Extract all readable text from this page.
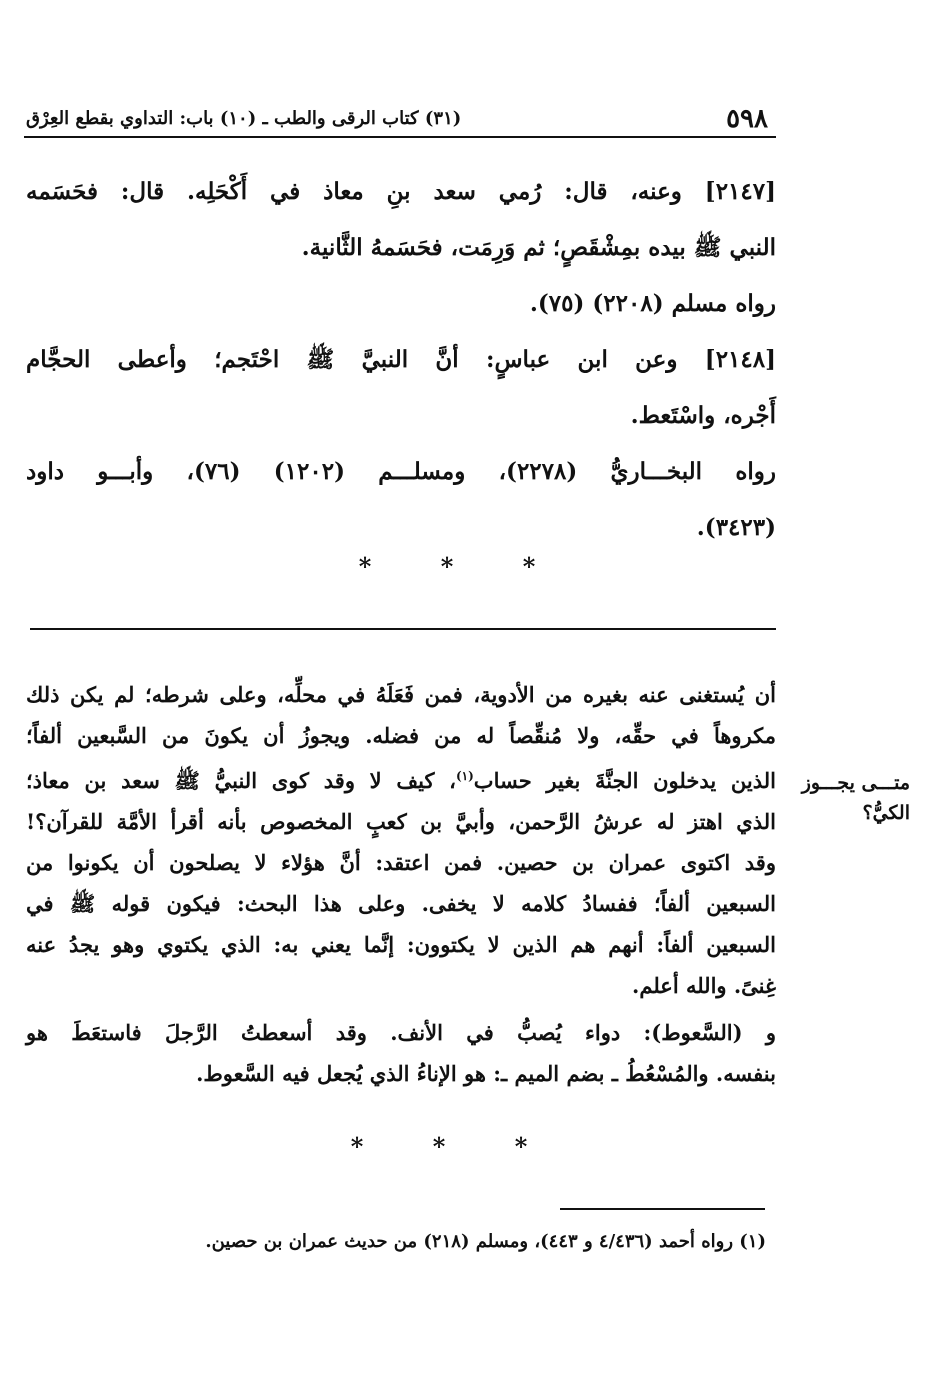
٥٩٨
(٣١) كتاب الرقى والطب ـ (١٠) باب: التداوي بقطع العِرْق

[٢١٤٧] وعنه، قال: رُمي سعد بنِ معاذ في أَكْحَلِه. قال: فحَسَمه
النبي ﷺ بيده بمِشْقَصٍ؛ ثم وَرِمَت، فحَسَمهُ الثَّانية.

رواه مسلم (٢٢٠٨) (٧٥).

[٢١٤٨] وعن ابن عباسٍ: أنَّ النبيَّ ﷺ احْتَجم؛ وأعطى الحجَّام
أَجْره، واسْتَعط.

رواه البخـــاريُّ (٢٢٧٨)، ومسلـــم (١٢٠٢) (٧٦)، وأبـــو داود
(٣٤٢٣).

***

أن يُستغنى عنه بغيره من الأدوية، فمن فَعَلَهُ في محلِّه، وعلى شرطه؛ لم يكن ذلك
مكروهاً في حقِّه، ولا مُنقِّصاً له من فضله. ويجوزُ أن يكونَ من السَّبعين ألفاً؛
الذين يدخلون الجنَّةَ بغير حساب$^{(١)}$، كيف لا وقد كوى النبيُّ ﷺ سعد بن معاذ؛
الذي اهتز له عرشُ الرَّحمن، وأبيَّ بن كعبٍ المخصوص بأنه أقرأ الأمَّة للقرآن؟!
وقد اكتوى عمران بن حصين. فمن اعتقد: أنَّ هؤلاء لا يصلحون أن يكونوا من
السبعين ألفاً؛ ففسادُ كلامه لا يخفى. وعلى هذا البحث: فيكون قوله ﷺ في
السبعين ألفاً: أنهم هم الذين لا يكتوون: إنَّما يعني به: الذي يكتوي وهو يجدُ عنه
غِنىً. والله أعلم.

و (السَّعوط): دواء يُصبُّ في الأنف. وقد أسعطتُ الرَّجلَ فاستعَطَ هو
بنفسه. والمُسْعُطُ ـ بضم الميم ـ: هو الإناءُ الذي يُجعل فيه السَّعوط.

متـــى يجـــوز
الكيُّ؟
***
(١) رواه أحمد (٤/٤٣٦ و ٤٤٣)، ومسلم (٢١٨) من حديث عمران بن حصين.
